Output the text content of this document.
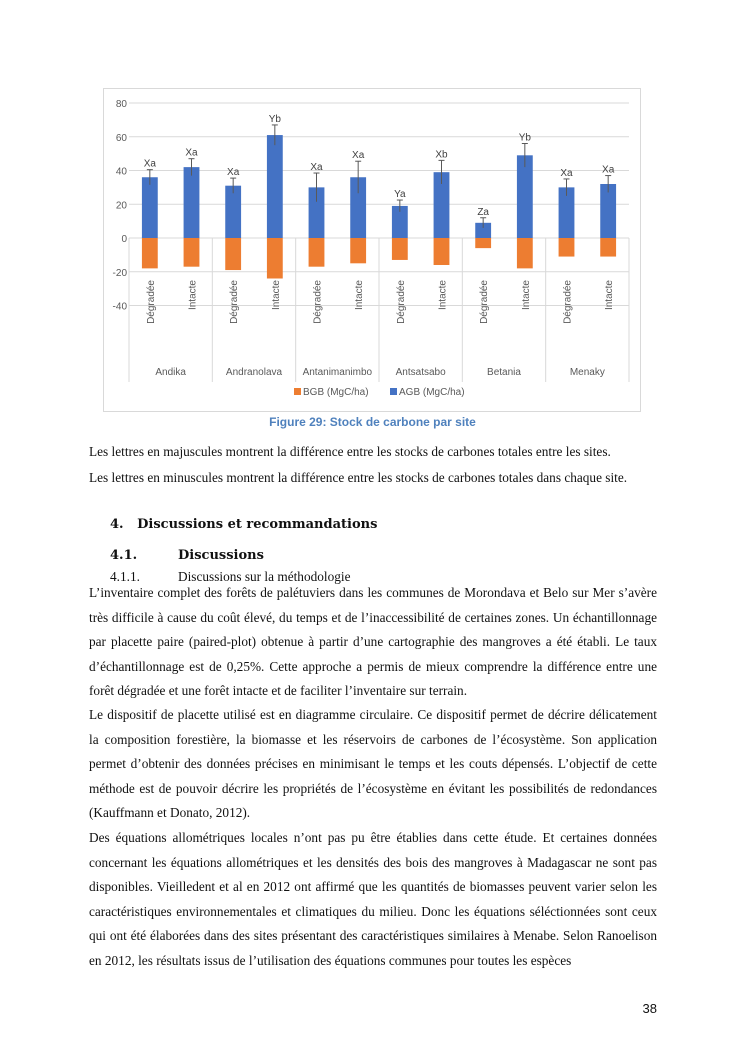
80
60
40
20
0
-20
-40
Xa
Dégradée
Xa
Intacte
Xa
Dégradée
Yb
Intacte
Xa
Dégradée
Xa
Intacte
Ya
Dégradée
Xb
Intacte
Za
Dégradée
Yb
Intacte
Xa
Dégradée
Xa
Intacte
Andika	Andranolava Antanimanimbo Antsatsabo	Betania	Menaky
BGB (MgC/ha)	AGB (MgC/ha)
Figure 29: Stock de carbone par site
Les lettres en majuscules montrent la différence entre les stocks de carbones totales entre les sites.
Les lettres en minuscules montrent la différence entre les stocks de carbones totales dans chaque site.
4. Discussions et recommandations
4.1.	Discussions
4.1.1.	Discussions sur la méthodologie
L’inventaire complet des forêts de palétuviers dans les communes de Morondava et Belo sur Mer s’avère très difficile à cause du coût élevé, du temps et de l’inaccessibilité de certaines zones. Un échantillonnage par placette paire (paired-plot) obtenue à partir d’une cartographie des mangroves a été établi. Le taux d’échantillonnage est de 0,25%. Cette approche a permis de mieux comprendre la différence entre une forêt dégradée et une forêt intacte et de faciliter l’inventaire sur terrain.
Le dispositif de placette utilisé est en diagramme circulaire. Ce dispositif permet de décrire délicatement la composition forestière, la biomasse et les réservoirs de carbones de l’écosystème. Son application permet d’obtenir des données précises en minimisant le temps et les couts dépensés. L’objectif de cette méthode est de pouvoir décrire les propriétés de l’écosystème en évitant les possibilités de redondances (Kauffmann et Donato, 2012).
Des équations allométriques locales n’ont pas pu être établies dans cette étude. Et certaines données concernant les équations allométriques et les densités des bois des mangroves à Madagascar ne sont pas disponibles. Vieilledent et al en 2012 ont affirmé que les quantités de biomasses peuvent varier selon les caractéristiques environnementales et climatiques du milieu. Donc les équations séléctionnées sont ceux qui ont été élaborées dans des sites présentant des caractéristiques similaires à Menabe. Selon Ranoelison en 2012, les résultats issus de l’utilisation des équations communes pour toutes les espèces
38
